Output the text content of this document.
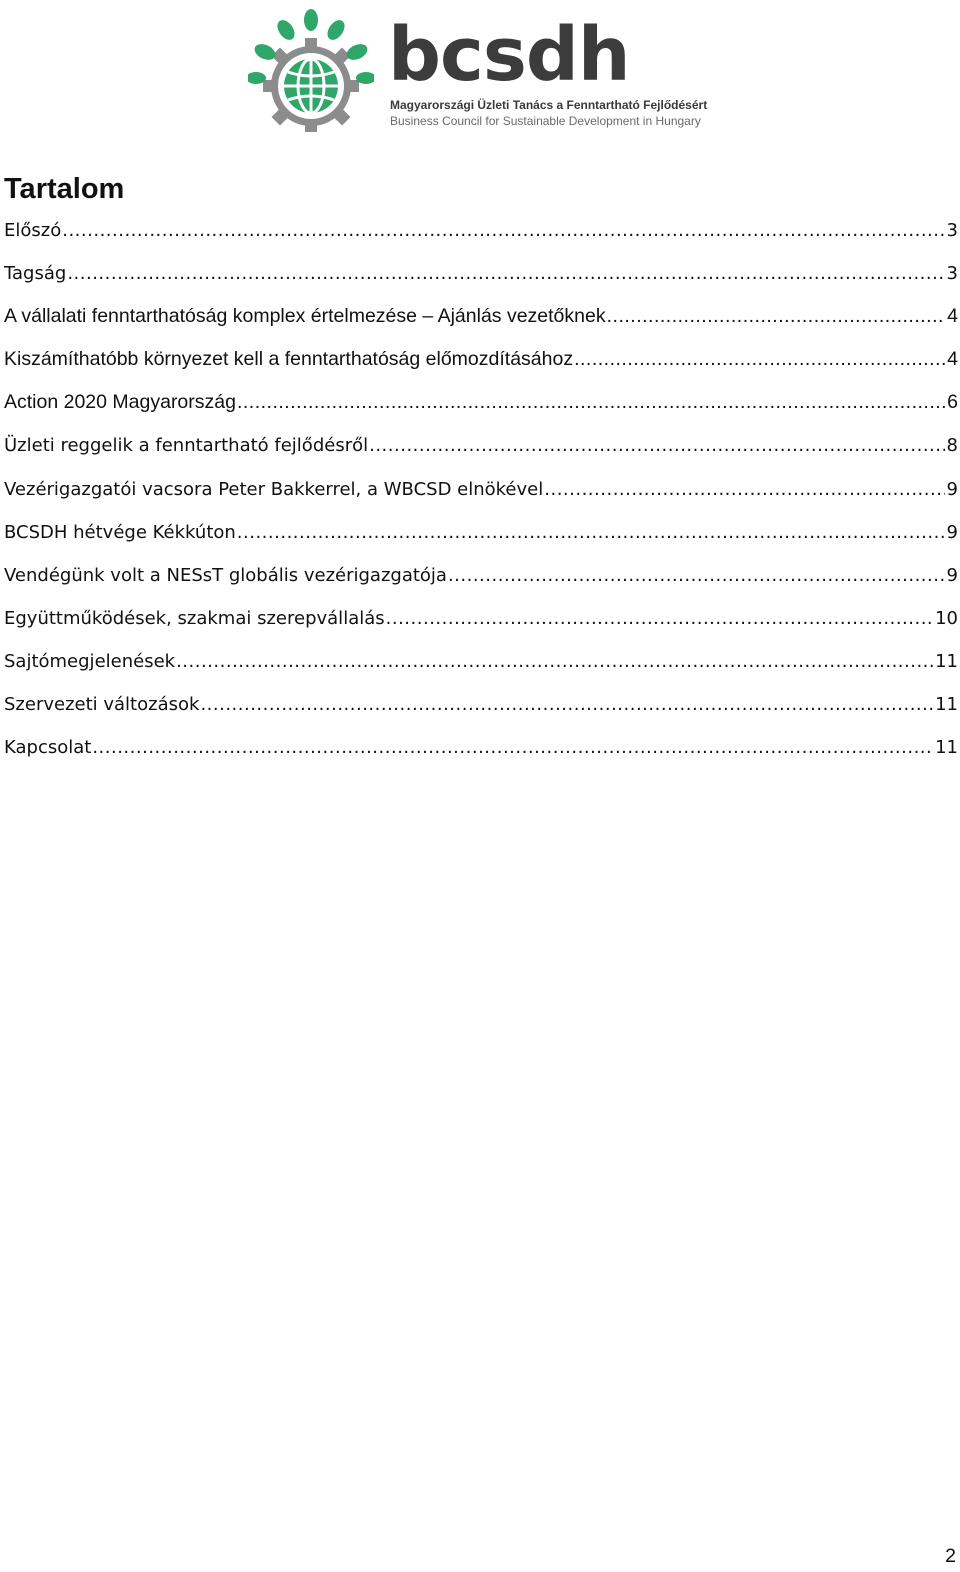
bcsdh
Magyarországi Üzleti Tanács a Fenntartható Fejlődésért
Business Council for Sustainable Development in Hungary
Tartalom
Előszó .....	3
Tagság .....	3
A vállalati fenntarthatóság komplex értelmezése – Ajánlás vezetőknek .....	4
Kiszámíthatóbb környezet kell a fenntarthatóság előmozdításához .....	4
Action 2020 Magyarország .....	6
Üzleti reggelik a fenntartható fejlődésről .....	8
Vezérigazgatói vacsora Peter Bakkerrel, a WBCSD elnökével .....	9
BCSDH hétvége Kékkúton .....	9
Vendégünk volt a NESsT globális vezérigazgatója .....	9
Együttműködések, szakmai szerepvállalás .....	10
Sajtómegjelenések .....	11
Szervezeti változások .....	11
Kapcsolat .....	11
2
